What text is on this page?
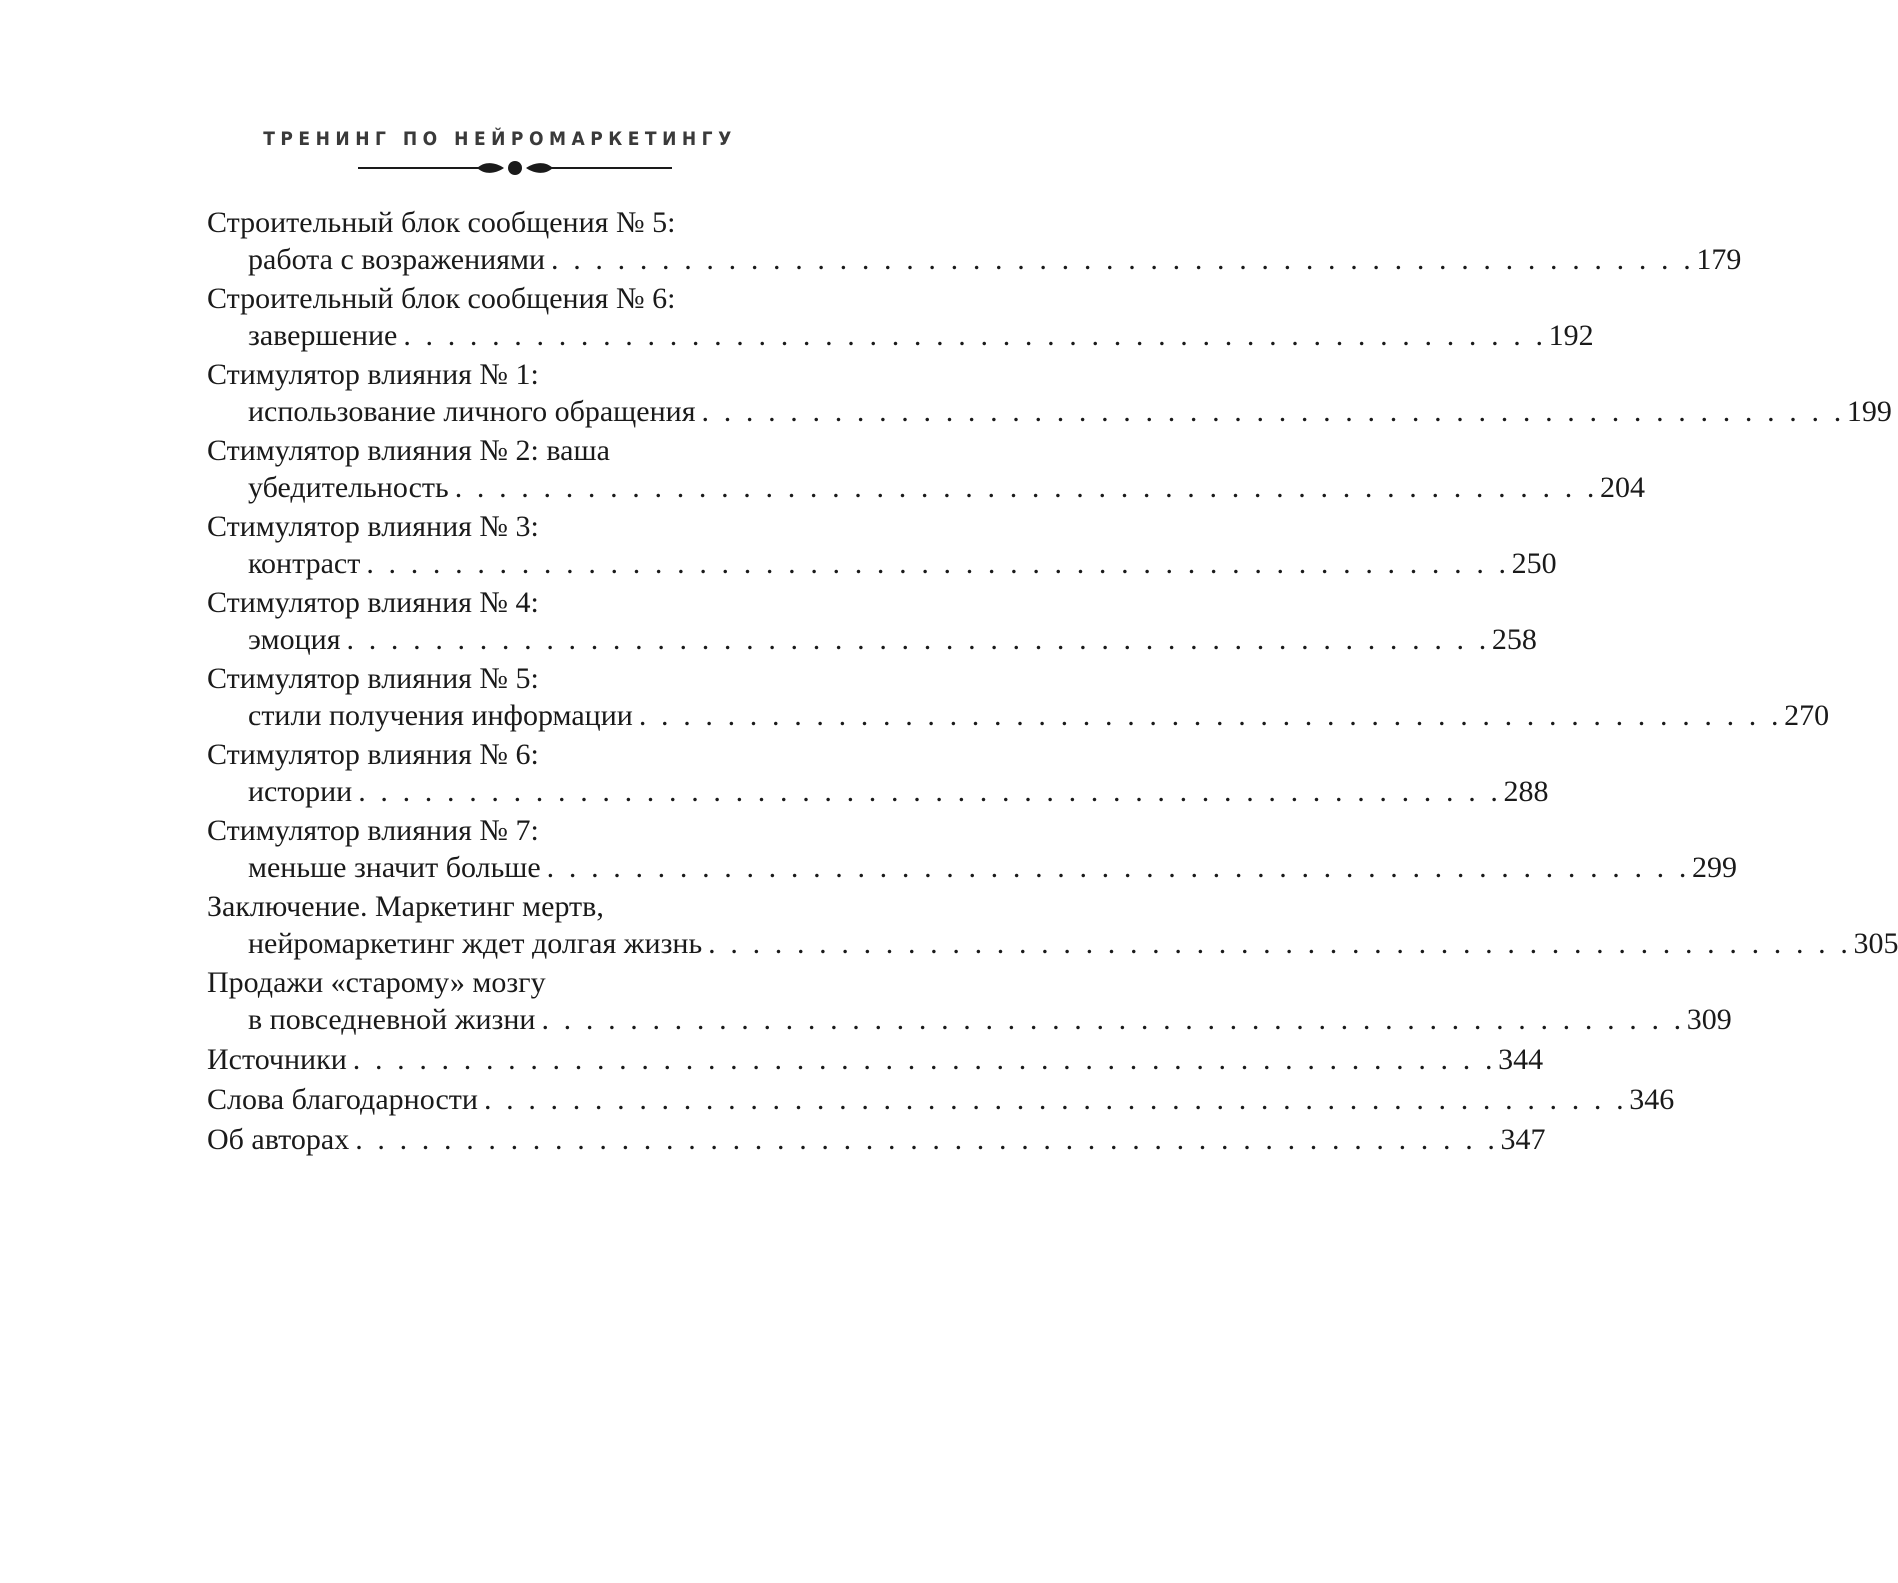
ТРЕНИНГ ПО НЕЙРОМАРКЕТИНГУ
Строительный блок сообщения № 5:
работа с возражениями . . . . . . . . . . . . . . . . . . . . . . . . . . . . . . . . . . . . . . . . . . . . . . . . . . . . 179
Строительный блок сообщения № 6:
завершение . . . . . . . . . . . . . . . . . . . . . . . . . . . . . . . . . . . . . . . . . . . . . . . . . . . . 192
Стимулятор влияния № 1:
использование личного обращения . . . . . . . . . . . . . . . . . . . . . . . . . . . . . . . . . . . . . . . . . . . . . . . . . . . . 199
Стимулятор влияния № 2: ваша
убедительность . . . . . . . . . . . . . . . . . . . . . . . . . . . . . . . . . . . . . . . . . . . . . . . . . . . . 204
Стимулятор влияния № 3:
контраст . . . . . . . . . . . . . . . . . . . . . . . . . . . . . . . . . . . . . . . . . . . . . . . . . . . . 250
Стимулятор влияния № 4:
эмоция . . . . . . . . . . . . . . . . . . . . . . . . . . . . . . . . . . . . . . . . . . . . . . . . . . . . 258
Стимулятор влияния № 5:
стили получения информации . . . . . . . . . . . . . . . . . . . . . . . . . . . . . . . . . . . . . . . . . . . . . . . . . . . . 270
Стимулятор влияния № 6:
истории . . . . . . . . . . . . . . . . . . . . . . . . . . . . . . . . . . . . . . . . . . . . . . . . . . . . 288
Стимулятор влияния № 7:
меньше значит больше . . . . . . . . . . . . . . . . . . . . . . . . . . . . . . . . . . . . . . . . . . . . . . . . . . . . 299
Заключение. Маркетинг мертв,
нейромаркетинг ждет долгая жизнь . . . . . . . . . . . . . . . . . . . . . . . . . . . . . . . . . . . . . . . . . . . . . . . . . . . . 305
Продажи «старому» мозгу
в повседневной жизни . . . . . . . . . . . . . . . . . . . . . . . . . . . . . . . . . . . . . . . . . . . . . . . . . . . . 309
Источники . . . . . . . . . . . . . . . . . . . . . . . . . . . . . . . . . . . . . . . . . . . . . . . . . . . . 344
Слова благодарности . . . . . . . . . . . . . . . . . . . . . . . . . . . . . . . . . . . . . . . . . . . . . . . . . . . . 346
Об авторах . . . . . . . . . . . . . . . . . . . . . . . . . . . . . . . . . . . . . . . . . . . . . . . . . . . . 347
